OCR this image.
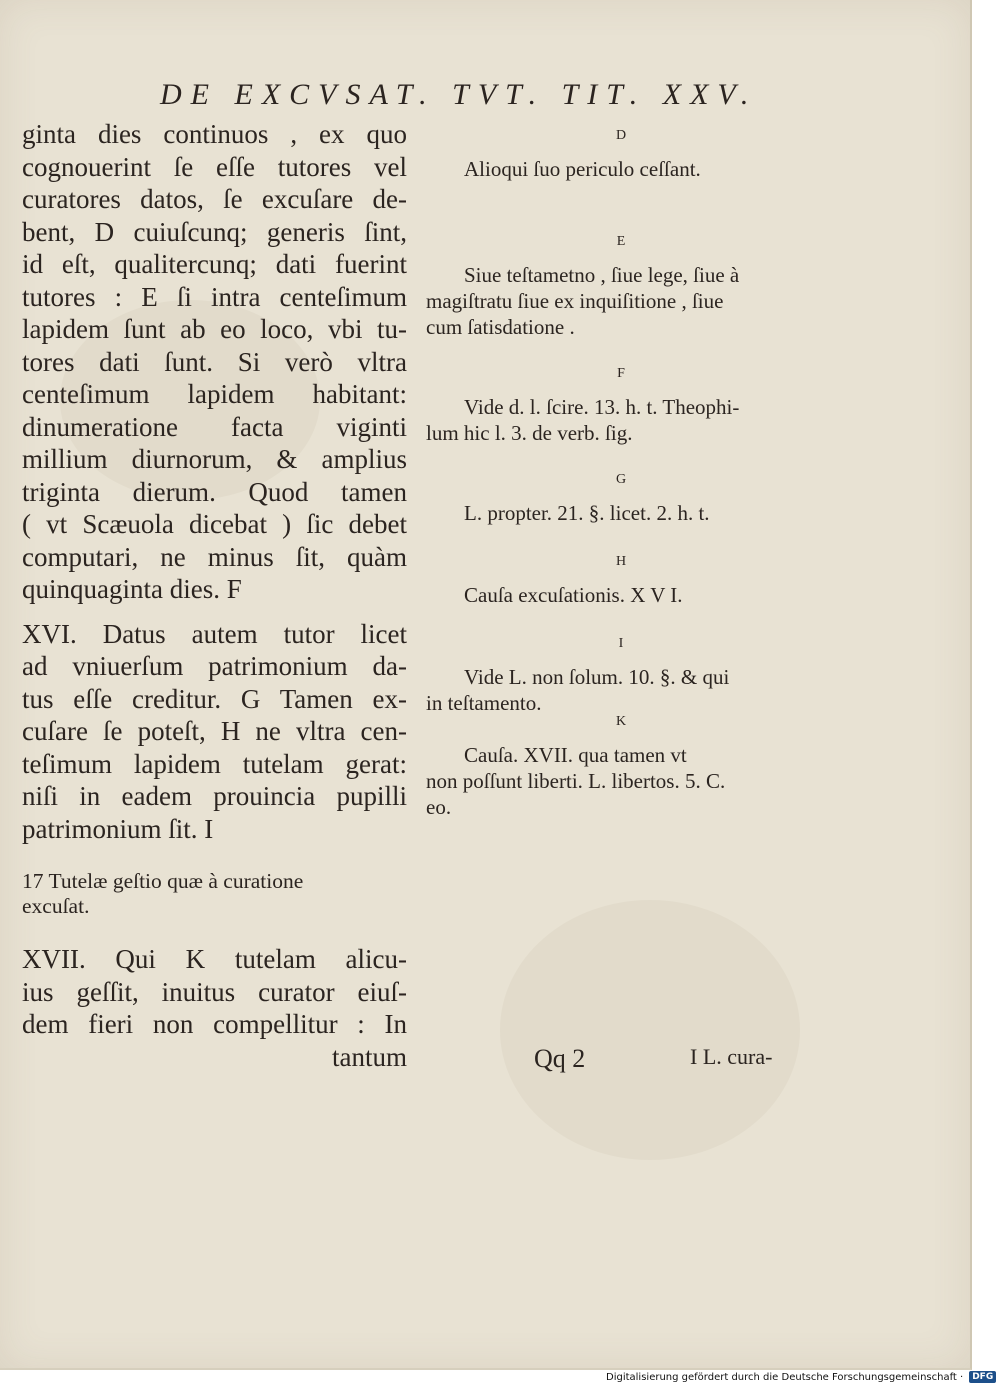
DE EXCVSAT. TVT. TIT. XXV.
ginta dies continuos , ex quo
cognouerint ſe eſſe tutores vel
curatores datos, ſe excuſare de-
bent, D cuiuſcunq; generis ſint,
id eſt, qualitercunq; dati fuerint
tutores : E ſi intra centeſimum
lapidem ſunt ab eo loco, vbi tu-
tores dati ſunt. Si verò vltra
centeſimum lapidem habitant:
dinumeratione facta viginti
millium diurnorum, & amplius
triginta dierum. Quod tamen
( vt Scæuola dicebat ) ſic debet
computari, ne minus ſit, quàm
quinquaginta dies. F
XVI. Datus autem tutor licet
ad vniuerſum patrimonium da-
tus eſſe creditur. G Tamen ex-
cuſare ſe poteſt, H ne vltra cen-
teſimum lapidem tutelam gerat:
niſi in eadem prouincia pupilli
patrimonium ſit. I
17 Tutelæ geſtio quæ à curatione
excuſat.
XVII. Qui K tutelam alicu-
ius geſſit, inuitus curator eiuſ-
dem fieri non compellitur : In
tantum
D
Alioqui ſuo periculo ceſſant.
E
Siue teſtametno , ſiue lege, ſiue à
magiſtratu ſiue ex inquiſitione , ſiue
cum ſatisdatione .
F
Vide d. l. ſcire. 13. h. t. Theophi-
lum hic l. 3. de verb. ſig.
G
L. propter. 21. §. licet. 2. h. t.
H
Cauſa excuſationis. X V I.
I
Vide L. non ſolum. 10. §. & qui
in teſtamento.
K
Cauſa. XVII. qua tamen vt
non poſſunt liberti. L. libertos. 5. C.
eo.
Qq 2	I L. cura-
Digitalisierung gefördert durch die Deutsche Forschungsgemeinschaft ·	DFG
